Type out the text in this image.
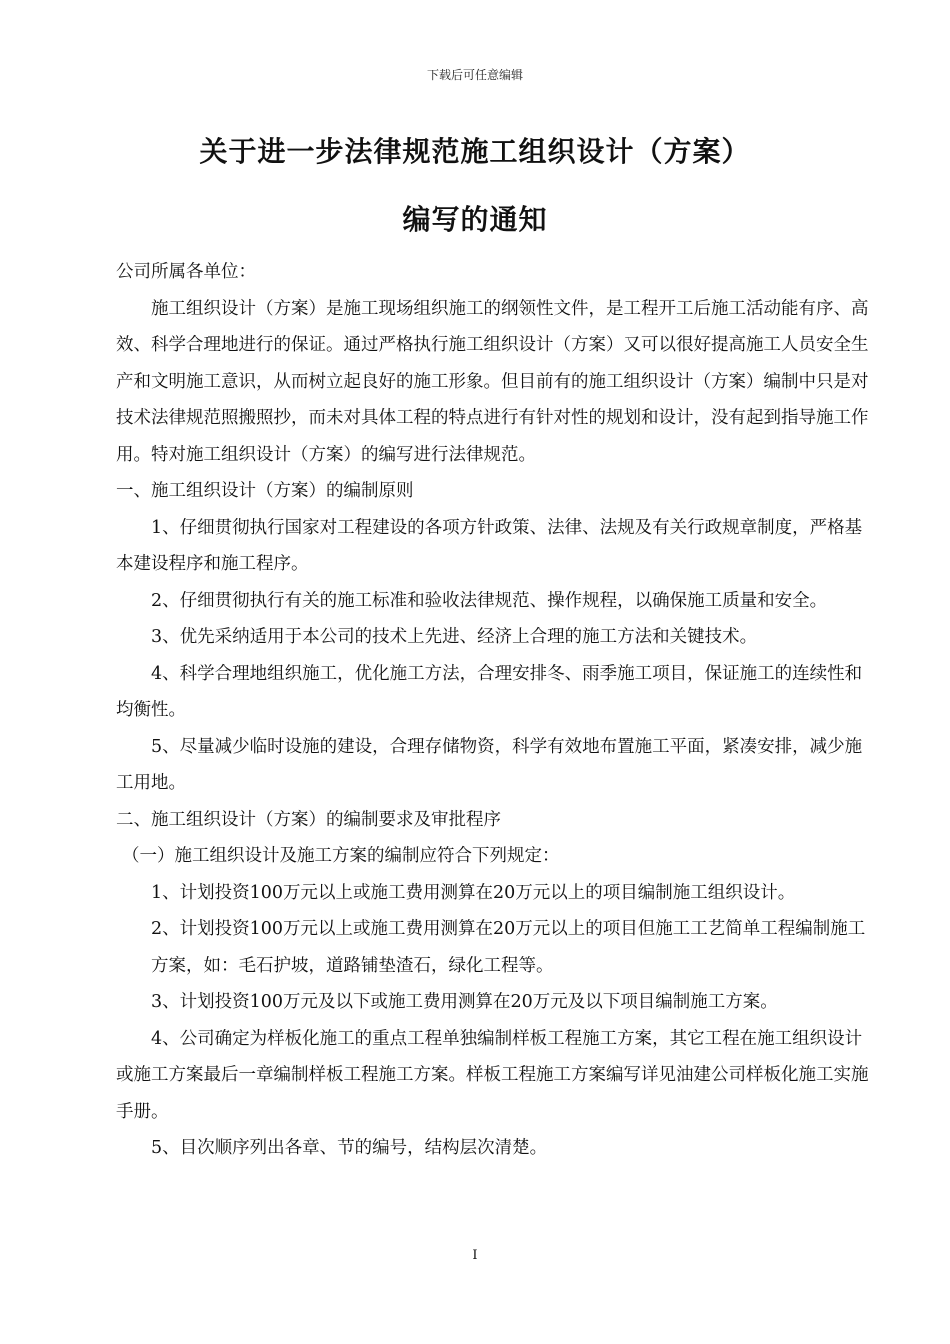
下载后可任意编辑
关于进一步法律规范施工组织设计（方案）
编写的通知

公司所属各单位：

施工组织设计（方案）是施工现场组织施工的纲领性文件，是工程开工后施工活动能有序、高效、科学合理地进行的保证。通过严格执行施工组织设计（方案）又可以很好提高施工人员安全生产和文明施工意识，从而树立起良好的施工形象。但目前有的施工组织设计（方案）编制中只是对技术法律规范照搬照抄，而未对具体工程的特点进行有针对性的规划和设计，没有起到指导施工作用。特对施工组织设计（方案）的编写进行法律规范。

一、施工组织设计（方案）的编制原则

1、仔细贯彻执行国家对工程建设的各项方针政策、法律、法规及有关行政规章制度，严格基本建设程序和施工程序。

2、仔细贯彻执行有关的施工标准和验收法律规范、操作规程，以确保施工质量和安全。

3、优先采纳适用于本公司的技术上先进、经济上合理的施工方法和关键技术。

4、科学合理地组织施工，优化施工方法，合理安排冬、雨季施工项目，保证施工的连续性和均衡性。

5、尽量减少临时设施的建设，合理存储物资，科学有效地布置施工平面，紧凑安排，减少施工用地。

二、施工组织设计（方案）的编制要求及审批程序

（一）施工组织设计及施工方案的编制应符合下列规定：

1、计划投资100万元以上或施工费用测算在20万元以上的项目编制施工组织设计。

2、计划投资100万元以上或施工费用测算在20万元以上的项目但施工工艺简单工程编制施工方案，如：毛石护坡，道路铺垫渣石，绿化工程等。

3、计划投资100万元及以下或施工费用测算在20万元及以下项目编制施工方案。

4、公司确定为样板化施工的重点工程单独编制样板工程施工方案，其它工程在施工组织设计或施工方案最后一章编制样板工程施工方案。样板工程施工方案编写详见油建公司样板化施工实施手册。

5、目次顺序列出各章、节的编号，结构层次清楚。

I
